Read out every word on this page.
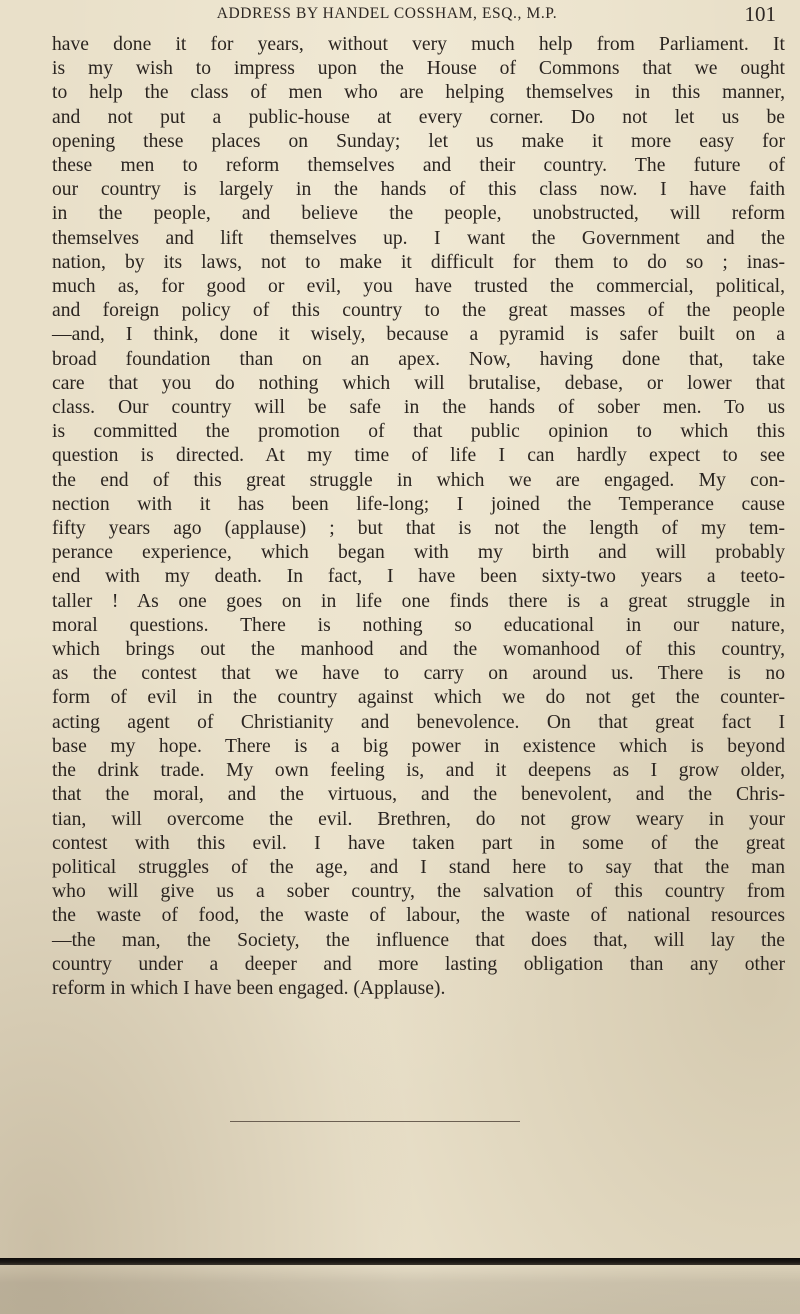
ADDRESS BY HANDEL COSSHAM, ESQ., M.P.	101
have done it for years, without very much help from Parliament. It
is my wish to impress upon the House of Commons that we ought
to help the class of men who are helping themselves in this manner,
and not put a public-house at every corner. Do not let us be
opening these places on Sunday; let us make it more easy for
these men to reform themselves and their country. The future of
our country is largely in the hands of this class now. I have faith
in the people, and believe the people, unobstructed, will reform
themselves and lift themselves up. I want the Government and the
nation, by its laws, not to make it difficult for them to do so ; inas-
much as, for good or evil, you have trusted the commercial, political,
and foreign policy of this country to the great masses of the people
—and, I think, done it wisely, because a pyramid is safer built on a
broad foundation than on an apex. Now, having done that, take
care that you do nothing which will brutalise, debase, or lower that
class. Our country will be safe in the hands of sober men. To us
is committed the promotion of that public opinion to which this
question is directed. At my time of life I can hardly expect to see
the end of this great struggle in which we are engaged. My con-
nection with it has been life-long; I joined the Temperance cause
fifty years ago (applause) ; but that is not the length of my tem-
perance experience, which began with my birth and will probably
end with my death. In fact, I have been sixty-two years a teeto-
taller ! As one goes on in life one finds there is a great struggle in
moral questions. There is nothing so educational in our nature,
which brings out the manhood and the womanhood of this country,
as the contest that we have to carry on around us. There is no
form of evil in the country against which we do not get the counter-
acting agent of Christianity and benevolence. On that great fact I
base my hope. There is a big power in existence which is beyond
the drink trade. My own feeling is, and it deepens as I grow older,
that the moral, and the virtuous, and the benevolent, and the Chris-
tian, will overcome the evil. Brethren, do not grow weary in your
contest with this evil. I have taken part in some of the great
political struggles of the age, and I stand here to say that the man
who will give us a sober country, the salvation of this country from
the waste of food, the waste of labour, the waste of national resources
—the man, the Society, the influence that does that, will lay the
country under a deeper and more lasting obligation than any other
reform in which I have been engaged. (Applause).
